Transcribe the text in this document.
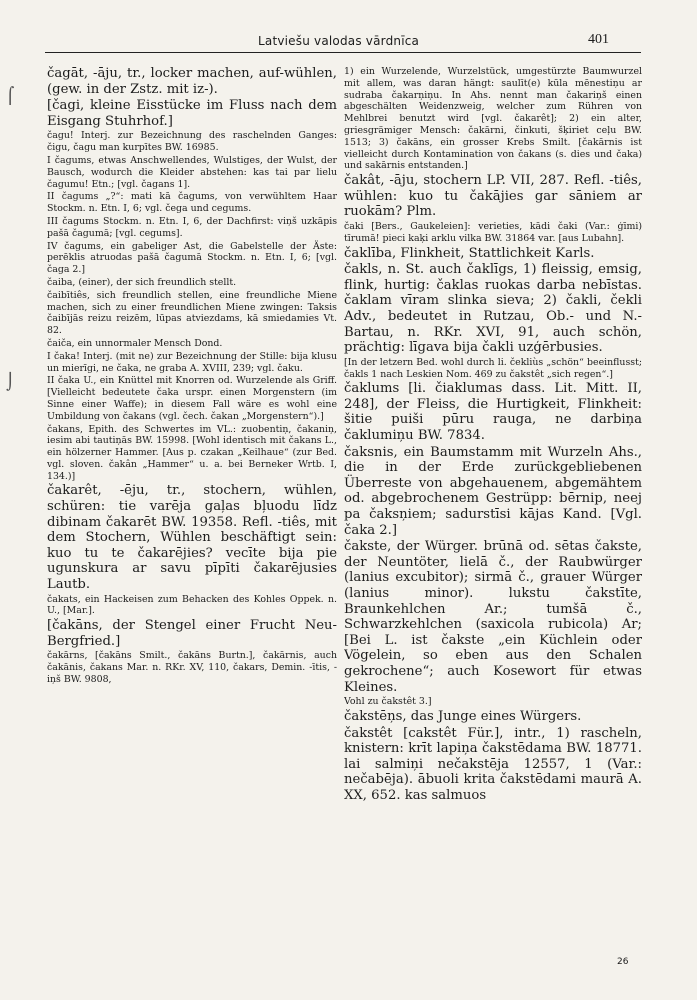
Latviešu valodas vārdnīca	401
⌠
⌡

čagāt, -āju, tr., locker machen, auf-wühlen, (gew. in der Zstz. mit iz-).

[čagi, kleine Eisstücke im Fluss nach dem Eisgang Stuhrhof.]

čagu! Interj. zur Bezeichnung des raschelnden Ganges: čigu, čagu man kurpītes BW. 16985.

I čagums, etwas Anschwellendes, Wulstiges, der Wulst, der Bausch, wodurch die Kleider abstehen: kas tai par lielu čagumu! Etn.; [vgl. čagans 1].

II čagums „?“: mati kā čagums, von verwühltem Haar Stockm. n. Etn. I, 6; vgl. čega und cegums.

III čagums Stockm. n. Etn. I, 6, der Dachfirst: viņš uzkāpis pašā čagumā; [vgl. cegums].

IV čagums, ein gabeliger Ast, die Gabelstelle der Äste: perēklis atruodas pašā čagumā Stockm. n. Etn. I, 6; [vgl. čaga 2.]

čaiba, (einer), der sich freundlich stellt.

čaibītiês, sich freundlich stellen, eine freundliche Miene machen, sich zu einer freundlichen Miene zwingen: Taksis čaibījās reizu reizēm, lūpas atviezdams, kā smiedamies Vt. 82.

čaiča, ein unnormaler Mensch Dond.

I čaka! Interj. (mit ne) zur Bezeichnung der Stille: bija klusu un mierīgi, ne čaka, ne graba A. XVIII, 239; vgl. čaku.

II čaka U., ein Knüttel mit Knorren od. Wurzelende als Griff. [Vielleicht bedeutete čaka urspr. einen Morgenstern (im Sinne einer Waffe); in diesem Fall wäre es wohl eine Umbildung von čakans (vgl. čech. čakan „Morgenstern“).]

čakans, Epith. des Schwertes im VL.: zuobentiņ, čakaniņ, iesim abi tautiņās BW. 15998. [Wohl identisch mit čakans L., ein hölzerner Hammer. [Aus p. czakan „Keilhaue“ (zur Bed. vgl. sloven. čakân „Hammer“ u. a. bei Berneker Wrtb. I, 134.)]

čakarêt, -ēju, tr., stochern, wühlen, schüren: tie varēja gaļas bļuodu līdz dibinam čakarēt BW. 19358. Refl. -tiês, mit dem Stochern, Wühlen beschäftigt sein: kuo tu te čakarējies? vecīte bija pie ugunskura ar savu pīpīti čakarējusies Lautb.

čakats, ein Hackeisen zum Behacken des Kohles Oppek. n. U., [Mar.].

[čakāns, der Stengel einer Frucht Neu-Bergfried.]

čakārns, [čakāns Smilt., čakāns Burtn.], čakārnis, auch čakānis, čakans Mar. n. RKr. XV, 110, čakars, Demin. -ītis, -iņš BW. 9808,

1) ein Wurzelende, Wurzelstück, umgestürzte Baumwurzel mit allem, was daran hängt: saulīt(e) kūla mēnestiņu ar sudraba čakarņiņu. In Ahs. nennt man čakariņš einen abgeschälten Weidenzweig, welcher zum Rühren von Mehlbrei benutzt wird [vgl. čakarêt]; 2) ein alter, griesgrämiger Mensch: čakārni, činkuti, šķiriet ceļu BW. 1513; 3) čakāns, ein grosser Krebs Smilt. [čakārnis ist vielleicht durch Kontamination von čakans (s. dies und čaka) und sakārnis entstanden.]

čakât, -āju, stochern LP. VII, 287. Refl. -tiês, wühlen: kuo tu čakājies gar sāniem ar ruokām? Plm.

čaki [Bers., Gaukeleien]: verieties, kādi čaki (Var.: ģīmi) tīrumā! pieci kaķi arklu vilka BW. 31864 var. [aus Lubahn].

čaklība, Flinkheit, Stattlichkeit Karls.

čakls, n. St. auch čaklīgs, 1) fleissig, emsig, flink, hurtig: čaklas ruokas darba nebīstas. čaklam vīram slinka sieva; 2) čakli, čekli Adv., bedeutet in Rutzau, Ob.- und N.-Bartau, n. RKr. XVI, 91, auch schön, prächtig: līgava bija čakli uzģērbusies.

[In der letzern Bed. wohl durch li. čekliùs „schön“ beeinflusst; čakls 1 nach Leskien Nom. 469 zu čakstêt „sich regen“.]

čaklums [li. čiaklumas dass. Lit. Mitt. II, 248], der Fleiss, die Hurtigkeit, Flinkheit: šitie puiši pūru rauga, ne darbiņa čaklumiņu BW. 7834.

čaksnis, ein Baumstamm mit Wurzeln Ahs., die in der Erde zurückgebliebenen Überreste von abgehauenem, abgemähtem od. abgebrochenem Gestrüpp: bērnip, neej pa čaksņiem; sadurstīsi kājas Kand. [Vgl. čaka 2.]

čakste, der Würger. brūnā od. sētas čakste, der Neuntöter, lielā č., der Raubwürger (lanius excubitor); sirmā č., grauer Würger (lanius minor). lukstu čakstīte, Braunkehlchen Ar.; tumšā č., Schwarzkehlchen (saxicola rubicola) Ar; [Bei L. ist čakste „ein Küchlein oder Vögelein, so eben aus den Schalen gekrochene“; auch Kosewort für etwas Kleines.

Vohl zu čakstêt 3.]

čakstēņs, das Junge eines Würgers.

čakstêt [cakstêt Für.], intr., 1) rascheln, knistern: krīt lapiņa čakstēdama BW. 18771. lai salmiņi nečakstēja 12557, 1 (Var.: nečabēja). ābuoli krita čakstēdami maurā A. XX, 652. kas salmuos

26
